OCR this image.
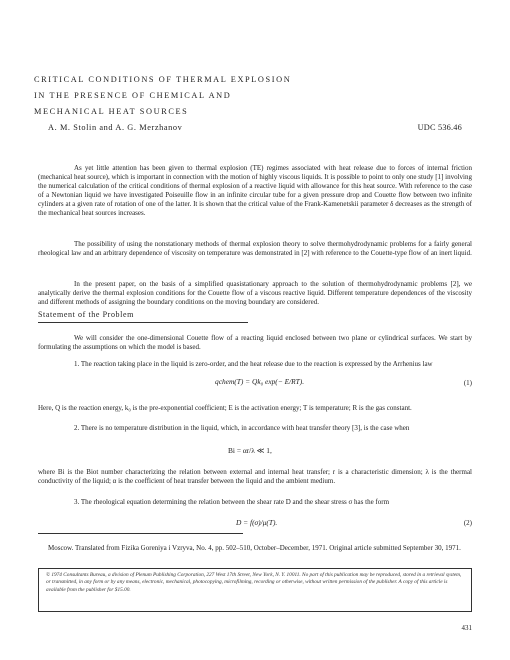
CRITICAL CONDITIONS OF THERMAL EXPLOSION
IN THE PRESENCE OF CHEMICAL AND
MECHANICAL HEAT SOURCES
A. M. Stolin and A. G. Merzhanov	UDC 536.46

As yet little attention has been given to thermal explosion (TE) regimes associated with heat release due to forces of internal friction (mechanical heat source), which is important in connection with the motion of highly viscous liquids. It is possible to point to only one study [1] involving the numerical calculation of the critical conditions of thermal explosion of a reactive liquid with allowance for this heat source. With reference to the case of a Newtonian liquid we have investigated Poiseuille flow in an infinite circular tube for a given pressure drop and Couette flow between two infinite cylinders at a given rate of rotation of one of the latter. It is shown that the critical value of the Frank-Kamenetskii parameter δ decreases as the strength of the mechanical heat sources increases.

The possibility of using the nonstationary methods of thermal explosion theory to solve thermohydrodynamic problems for a fairly general rheological law and an arbitrary dependence of viscosity on temperature was demonstrated in [2] with reference to the Couette-type flow of an inert liquid.

In the present paper, on the basis of a simplified quasistationary approach to the solution of thermohydrodynamic problems [2], we analytically derive the thermal explosion conditions for the Couette flow of a viscous reactive liquid. Different temperature dependences of the viscosity and different methods of assigning the boundary conditions on the moving boundary are considered.

Statement of the Problem

We will consider the one-dimensional Couette flow of a reacting liquid enclosed between two plane or cylindrical surfaces. We start by formulating the assumptions on which the model is based.

1. The reaction taking place in the liquid is zero-order, and the heat release due to the reaction is expressed by the Arrhenius law

qchem(T) = Qk₀ exp(− E/RT).	(1)

Here, Q is the reaction energy, k₀ is the pre-exponential coefficient; E is the activation energy; T is temperature; R is the gas constant.

2. There is no temperature distribution in the liquid, which, in accordance with heat transfer theory [3], is the case when

Bi = αr/λ ≪ 1,

where Bi is the Biot number characterizing the relation between external and internal heat transfer; r is a characteristic dimension; λ is the thermal conductivity of the liquid; α is the coefficient of heat transfer between the liquid and the ambient medium.

3. The rheological equation determining the relation between the shear rate D and the shear stress σ has the form

D = f(σ)/μ(T).	(2)

Moscow. Translated from Fizika Goreniya i Vzryva, No. 4, pp. 502–510, October–December, 1971. Original article submitted September 30, 1971.

© 1974 Consultants Bureau, a division of Plenum Publishing Corporation, 227 West 17th Street, New York, N. Y. 10011. No part of this publication may be reproduced, stored in a retrieval system, or transmitted, in any form or by any means, electronic, mechanical, photocopying, microfilming, recording or otherwise, without written permission of the publisher. A copy of this article is available from the publisher for $15.00.
431
